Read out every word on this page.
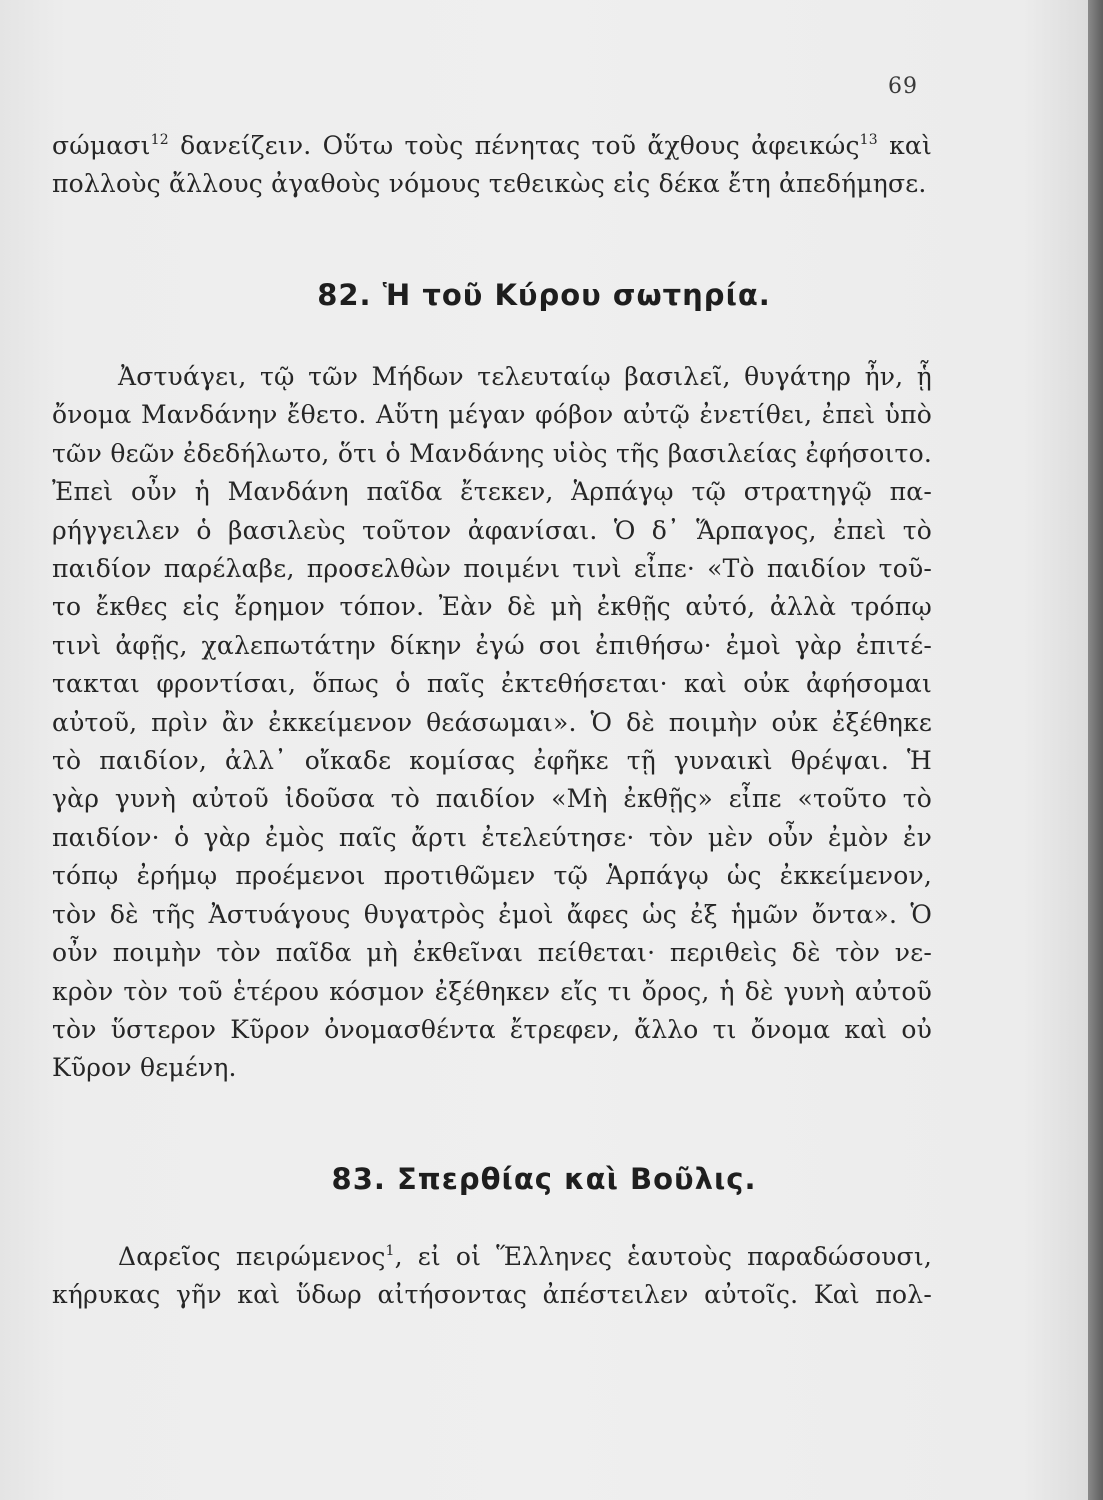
69
σώμασι$^{12}$ δανείζειν. Οὕτω τοὺς πένητας τοῦ ἄχθους ἀφεικώς$^{13}$ καὶ
πολλοὺς ἄλλους ἀγαθοὺς νόμους τεθεικὼς εἰς δέκα ἔτη ἀπεδήμησε.
82. Ἡ τοῦ Κύρου σωτηρία.
Ἀστυάγει, τῷ τῶν Μήδων τελευταίῳ βασιλεῖ, θυγάτηρ ἦν, ᾗ
ὄνομα Μανδάνην ἔθετο. Αὕτη μέγαν φόβον αὐτῷ ἐνετίθει, ἐπεὶ ὑπὸ
τῶν θεῶν ἐδεδήλωτο, ὅτι ὁ Μανδάνης υἱὸς τῆς βασιλείας ἐφήσοιτο.
Ἐπεὶ οὖν ἡ Μανδάνη παῖδα ἔτεκεν, Ἁρπάγῳ τῷ στρατηγῷ πα-
ρήγγειλεν ὁ βασιλεὺς τοῦτον ἀφανίσαι. Ὁ δ᾽ Ἅρπαγος, ἐπεὶ τὸ
παιδίον παρέλαβε, προσελθὼν ποιμένι τινὶ εἶπε· «Τὸ παιδίον τοῦ-
το ἔκθες εἰς ἔρημον τόπον. Ἐὰν δὲ μὴ ἐκθῇς αὐτό, ἀλλὰ τρόπῳ
τινὶ ἀφῇς, χαλεπωτάτην δίκην ἐγώ σοι ἐπιθήσω· ἐμοὶ γὰρ ἐπιτέ-
τακται φροντίσαι, ὅπως ὁ παῖς ἐκτεθήσεται· καὶ οὐκ ἀφήσομαι
αὐτοῦ, πρὶν ἂν ἐκκείμενον θεάσωμαι». Ὁ δὲ ποιμὴν οὐκ ἐξέθηκε
τὸ παιδίον, ἀλλ᾽ οἴκαδε κομίσας ἐφῆκε τῇ γυναικὶ θρέψαι. Ἡ
γὰρ γυνὴ αὐτοῦ ἰδοῦσα τὸ παιδίον «Μὴ ἐκθῇς» εἶπε «τοῦτο τὸ
παιδίον· ὁ γὰρ ἐμὸς παῖς ἄρτι ἐτελεύτησε· τὸν μὲν οὖν ἐμὸν ἐν
τόπῳ ἐρήμῳ προέμενοι προτιθῶμεν τῷ Ἁρπάγῳ ὡς ἐκκείμενον,
τὸν δὲ τῆς Ἀστυάγους θυγατρὸς ἐμοὶ ἄφες ὡς ἐξ ἡμῶν ὄντα». Ὁ
οὖν ποιμὴν τὸν παῖδα μὴ ἐκθεῖναι πείθεται· περιθεὶς δὲ τὸν νε-
κρὸν τὸν τοῦ ἑτέρου κόσμον ἐξέθηκεν εἴς τι ὄρος, ἡ δὲ γυνὴ αὐτοῦ
τὸν ὕστερον Κῦρον ὀνομασθέντα ἔτρεφεν, ἄλλο τι ὄνομα καὶ οὐ
Κῦρον θεμένη.
83. Σπερθίας καὶ Βοῦλις.
Δαρεῖος πειρώμενος$^1$, εἰ οἱ Ἕλληνες ἑαυτοὺς παραδώσουσι,
κήρυκας γῆν καὶ ὕδωρ αἰτήσοντας ἀπέστειλεν αὐτοῖς. Καὶ πολ-
